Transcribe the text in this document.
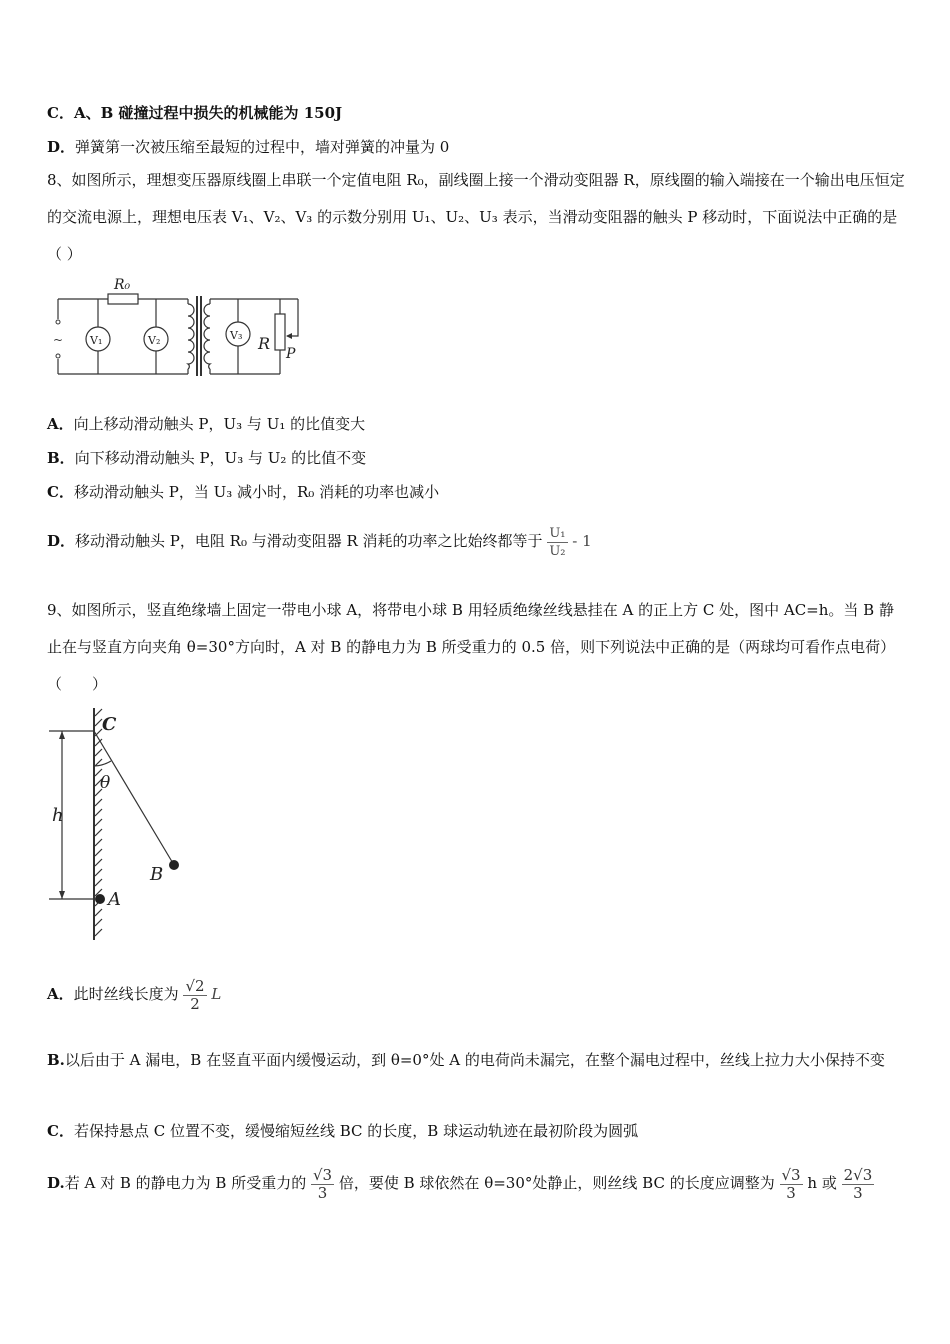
C．A、B 碰撞过程中损失的机械能为 150J
D．弹簧第一次被压缩至最短的过程中，墙对弹簧的冲量为 0
8、如图所示，理想变压器原线圈上串联一个定值电阻 R₀，副线圈上接一个滑动变阻器 R，原线圈的输入端接在一个输出电压恒定的交流电源上，理想电压表 V₁、V₂、V₃ 的示数分别用 U₁、U₂、U₃ 表示，当滑动变阻器的触头 P 移动时，下面说法中正确的是（ ）
~
R₀
V₁	V₂	V₃ R
P
A．向上移动滑动触头 P，U₃ 与 U₁ 的比值变大
B．向下移动滑动触头 P，U₃ 与 U₂ 的比值不变
C．移动滑动触头 P，当 U₃ 减小时，R₀ 消耗的功率也减小
D．移动滑动触头 P，电阻 R₀ 与滑动变阻器 R 消耗的功率之比始终都等于 $\frac{\text{U₁}}{\text{U₂}} - 1$
9、如图所示，竖直绝缘墙上固定一带电小球 A，将带电小球 B 用轻质绝缘丝线悬挂在 A 的正上方 C 处，图中 AC=h。当 B 静止在与竖直方向夹角 θ=30°方向时，A 对 B 的静电力为 B 所受重力的 0.5 倍，则下列说法中正确的是（两球均可看作点电荷）（　　）
C
θ
h
B
A
A．此时丝线长度为 $\frac{√2}{2}$ L
B.以后由于 A 漏电，B 在竖直平面内缓慢运动，到 θ=0°处 A 的电荷尚未漏完，在整个漏电过程中，丝线上拉力大小保持不变
C．若保持悬点 C 位置不变，缓慢缩短丝线 BC 的长度，B 球运动轨迹在最初阶段为圆弧
D.若 A 对 B 的静电力为 B 所受重力的 $\frac{√3}{3}$ 倍，要使 B 球依然在 θ=30°处静止，则丝线 BC 的长度应调整为 $\frac{√3}{3}$ h 或 $\frac{2√3}{3}$
